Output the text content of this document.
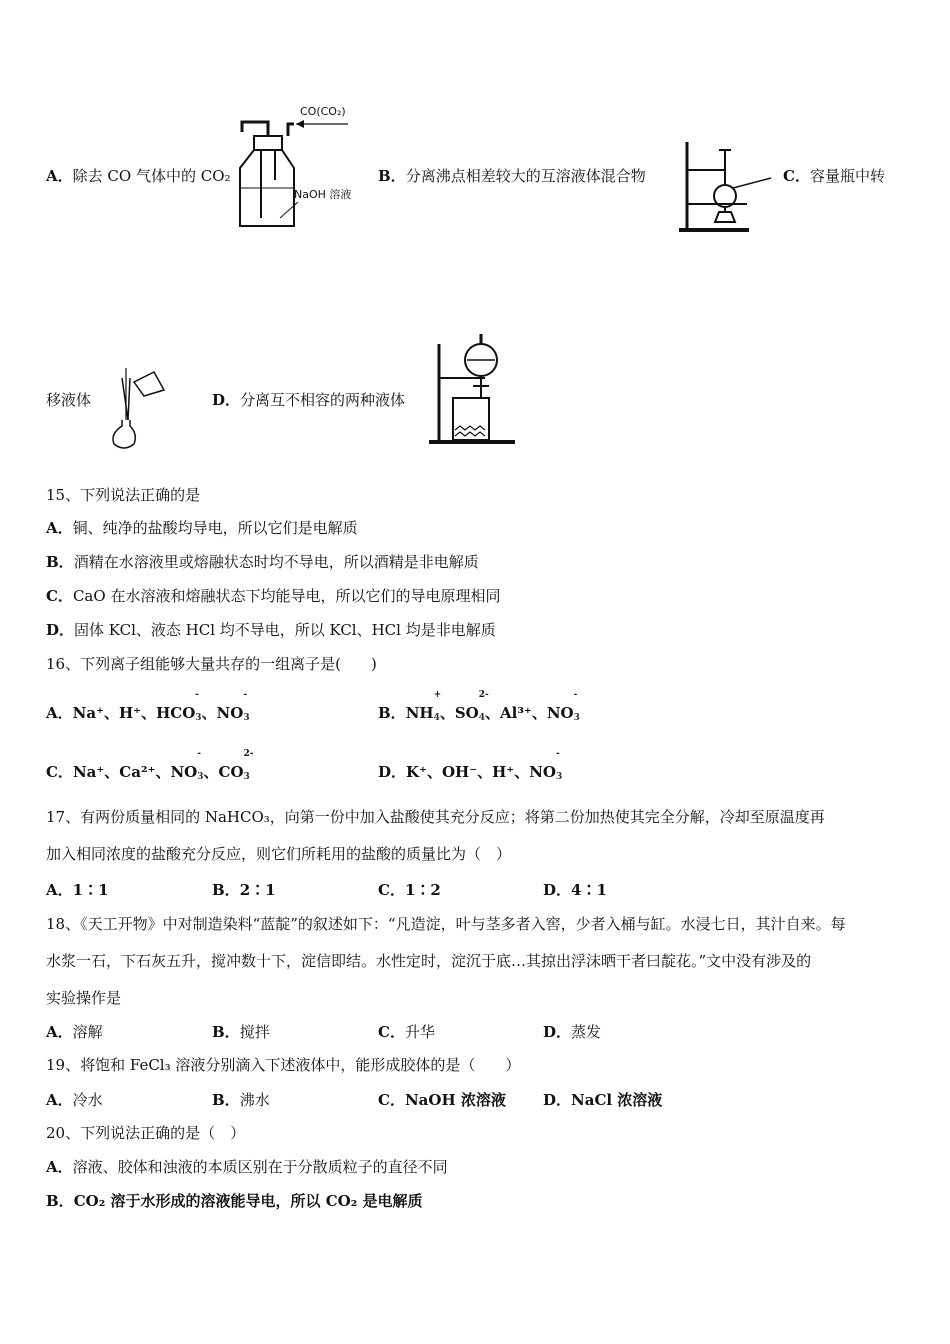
A．除去 CO 气体中的 CO₂
CO(CO₂)
NaOH 溶液
B．分离沸点相差较大的互溶液体混合物	C．容量瓶中转
移液体	D．分离互不相容的两种液体
15、下列说法正确的是
A．铜、纯净的盐酸均导电，所以它们是电解质
B．酒精在水溶液里或熔融状态时均不导电，所以酒精是非电解质
C．CaO 在水溶液和熔融状态下均能导电，所以它们的导电原理相同
D．固体 KCl、液态 HCl 均不导电，所以 KCl、HCl 均是非电解质
16、下列离子组能够大量共存的一组离子是(　　)
A．Na⁺、H⁺、HCO
-
3、NO
-
3	B．NH
+
4、SO
2-
4、Al³⁺、NO
-
3
C．Na⁺、Ca²⁺、NO
-
3、CO
2-
3	D．K⁺、OH⁻、H⁺、NO
-
3
17、有两份质量相同的 NaHCO₃，向第一份中加入盐酸使其充分反应；将第二份加热使其完全分解，冷却至原温度再
加入相同浓度的盐酸充分反应，则它们所耗用的盐酸的质量比为（　）
A．1∶1	B．2∶1	C．1∶2	D．4∶1
18、《天工开物》中对制造染料“蓝靛”的叙述如下：“凡造淀，叶与茎多者入窖，少者入桶与缸。水浸七日，其汁自来。每
水浆一石，下石灰五升，搅冲数十下，淀信即结。水性定时，淀沉于底…其掠出浮沫晒干者曰靛花。”文中没有涉及的
实验操作是
A．溶解	B．搅拌	C．升华	D．蒸发
19、将饱和 FeCl₃ 溶液分别滴入下述液体中，能形成胶体的是（　　）
A．冷水	B．沸水	C．NaOH 浓溶液 D．NaCl 浓溶液
20、下列说法正确的是（　）
A．溶液、胶体和浊液的本质区别在于分散质粒子的直径不同
B．CO₂ 溶于水形成的溶液能导电，所以 CO₂ 是电解质
